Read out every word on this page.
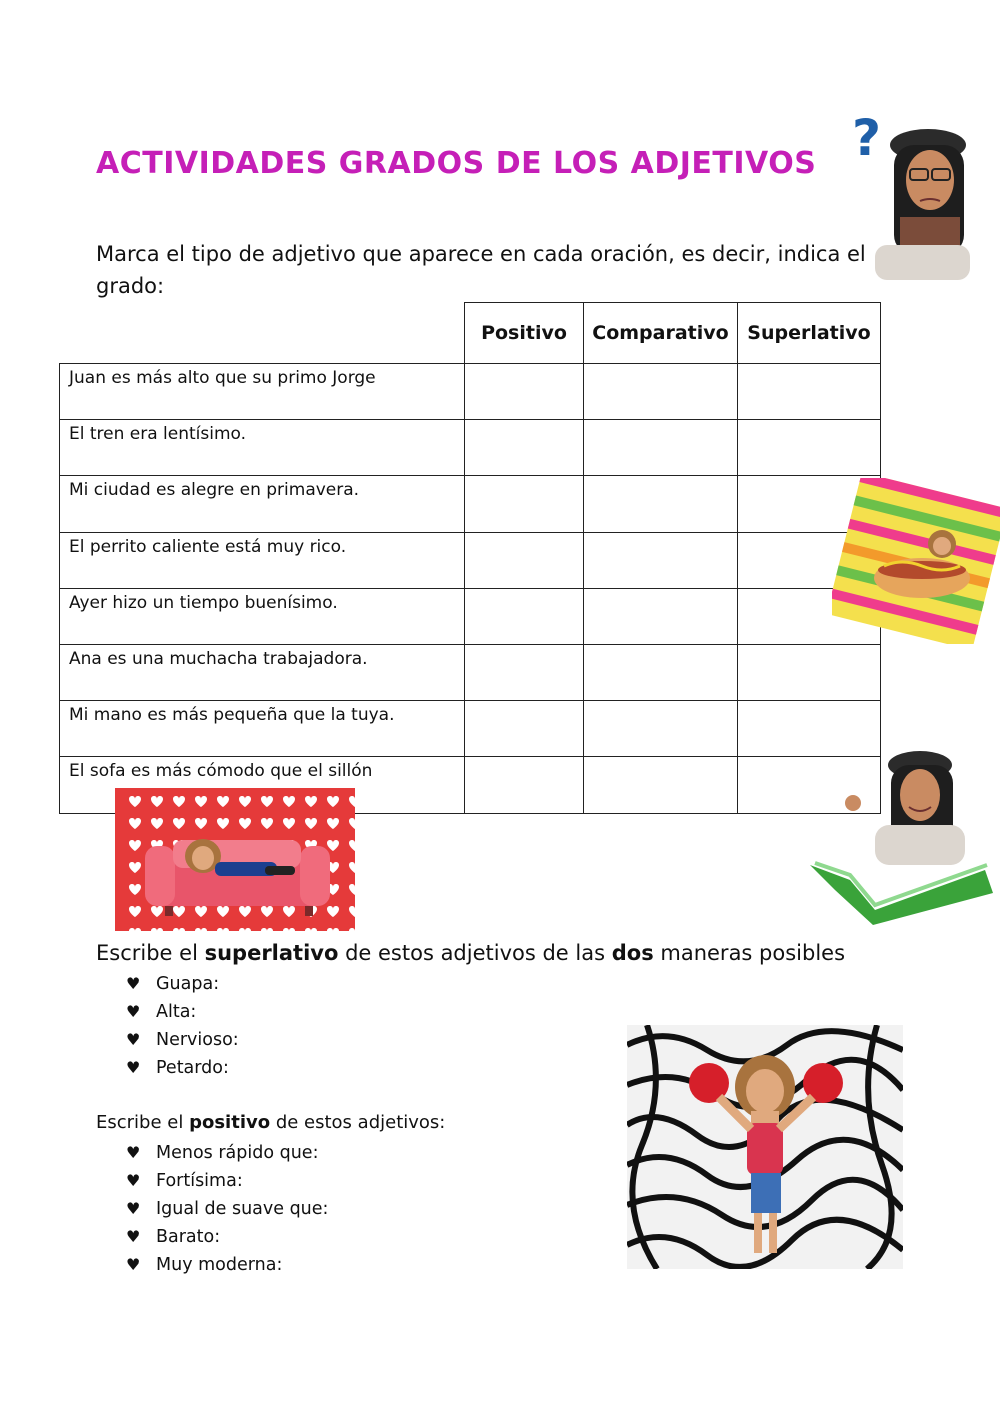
ACTIVIDADES GRADOS DE LOS ADJETIVOS ?
Marca el tipo de adjetivo que aparece en cada oración, es decir, indica el grado:
Positivo	Comparativo Superlativo
Juan es más alto que su primo Jorge
El tren era lentísimo.
Mi ciudad es alegre en primavera.
El perrito caliente está muy rico.
Ayer hizo un tiempo buenísimo.
Ana es una muchacha trabajadora.
Mi mano es más pequeña que la tuya.
El sofa es más cómodo que el sillón
Escribe el superlativo de estos adjetivos de las dos maneras posibles
♥ Guapa:
♥ Alta:
♥ Nervioso:
♥ Petardo:
Escribe el positivo de estos adjetivos:
♥ Menos rápido que:
♥ Fortísima:
♥ Igual de suave que:
♥ Barato:
♥ Muy moderna:
